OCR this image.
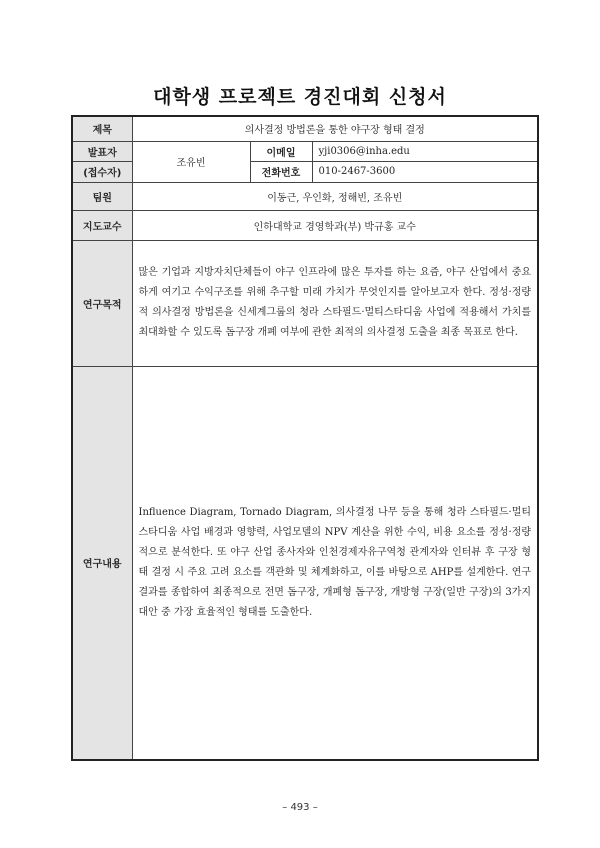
대학생 프로젝트 경진대회 신청서
제목	의사결정 방법론을 통한 야구장 형태 결정		
발표자	조유빈	이메일	yji0306@inha.edu
(접수자)		전화번호	010-2467-3600
팀원	이동근, 우인화, 정해빈, 조유빈		
지도교수	인하대학교 경영학과(부) 박규홍 교수		
연구목적	많은 기업과 지방자치단체들이 야구 인프라에 많은 투자를 하는 요즘, 야구 산업에서 중요하게 여기고 수익구조를 위해 추구할 미래 가치가 무엇인지를 알아보고자 한다. 정성·정량적 의사결정 방법론을 신세계그룹의 청라 스타필드·멀티스타디움 사업에 적용해서 가치를 최대화할 수 있도록 돔구장 개폐 여부에 관한 최적의 의사결정 도출을 최종 목표로 한다.		

연구내용	Influence Diagram, Tornado Diagram, 의사결정 나무 등을 통해 청라 스타필드·멀티스타디움 사업 배경과 영향력, 사업모델의 NPV 계산을 위한 수익, 비용 요소를 정성·정량적으로 분석한다. 또 야구 산업 종사자와 인천경제자유구역청 관계자와 인터뷰 후 구장 형태 결정 시 주요 고려 요소를 객관화 및 체계화하고, 이를 바탕으로 AHP를 설계한다. 연구 결과를 종합하여 최종적으로 전면 돔구장, 개폐형 돔구장, 개방형 구장(일반 구장)의 3가지 대안 중 가장 효율적인 형태를 도출한다.		
– 493 –
